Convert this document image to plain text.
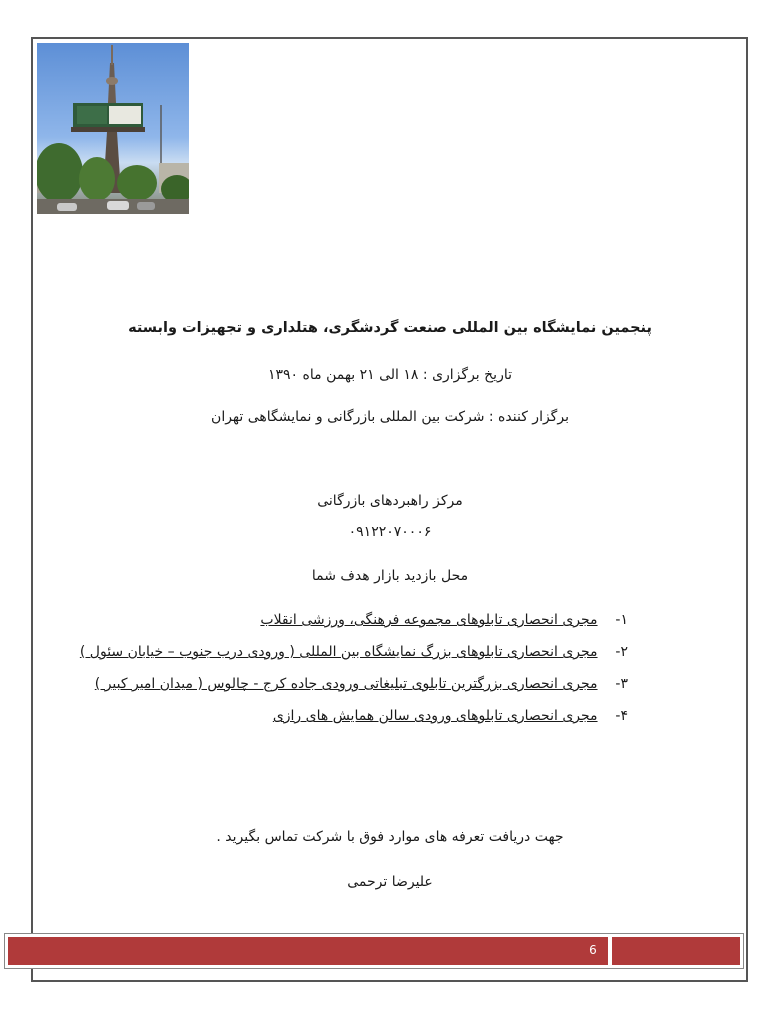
پنجمین نمایشگاه بین المللی صنعت گردشگری، هتلداری و تجهیزات وابسته
تاریخ برگزاری : ۱۸ الی ۲۱ بهمن ماه ۱۳۹۰
برگزار کننده : شرکت بین المللی بازرگانی و نمایشگاهی تهران
مرکز راهبردهای بازرگانی
۰۹۱۲۲۰۷۰۰۰۶
محل بازدید بازار هدف شما
۱- مجری انحصاری تابلوهای مجموعه فرهنگی، ورزشی انقلاب
۲- مجری انحصاری تابلوهای بزرگ نمایشگاه بین المللی ( ورودی درب جنوب – خیابان سئول )
۳- مجری انحصاری بزرگترین تابلوی تبلیغاتی ورودی جاده کرج - چالوس ( میدان امیر کبیر )
۴- مجری انحصاری تابلوهای ورودی سالن همایش های رازی
جهت دریافت تعرفه های موارد فوق با شرکت تماس بگیرید .
علیرضا ترحمی
6
